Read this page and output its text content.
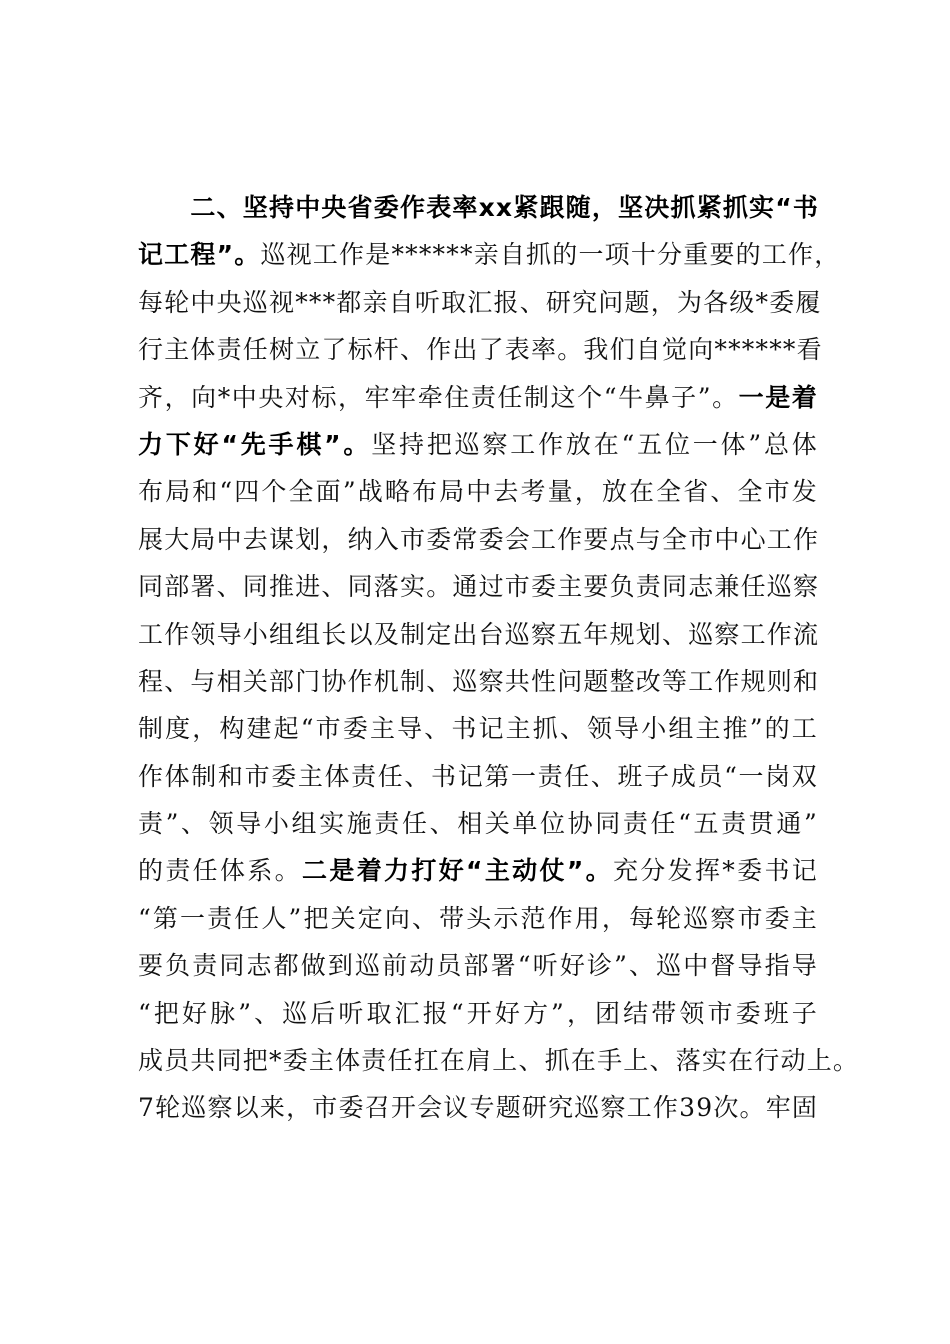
　　二、坚持中央省委作表率xx紧跟随，坚决抓紧抓实“书
记工程”。巡视工作是******亲自抓的一项十分重要的工作，
每轮中央巡视***都亲自听取汇报、研究问题，为各级*委履
行主体责任树立了标杆、作出了表率。我们自觉向******看
齐，向*中央对标，牢牢牵住责任制这个“牛鼻子”。一是着
力下好“先手棋”。坚持把巡察工作放在“五位一体”总体
布局和“四个全面”战略布局中去考量，放在全省、全市发
展大局中去谋划，纳入市委常委会工作要点与全市中心工作
同部署、同推进、同落实。通过市委主要负责同志兼任巡察
工作领导小组组长以及制定出台巡察五年规划、巡察工作流
程、与相关部门协作机制、巡察共性问题整改等工作规则和
制度，构建起“市委主导、书记主抓、领导小组主推”的工
作体制和市委主体责任、书记第一责任、班子成员“一岗双
责”、领导小组实施责任、相关单位协同责任“五责贯通”
的责任体系。二是着力打好“主动仗”。充分发挥*委书记
“第一责任人”把关定向、带头示范作用，每轮巡察市委主
要负责同志都做到巡前动员部署“听好诊”、巡中督导指导
“把好脉”、巡后听取汇报“开好方”，团结带领市委班子
成员共同把*委主体责任扛在肩上、抓在手上、落实在行动上。
7轮巡察以来，市委召开会议专题研究巡察工作39次。牢固
